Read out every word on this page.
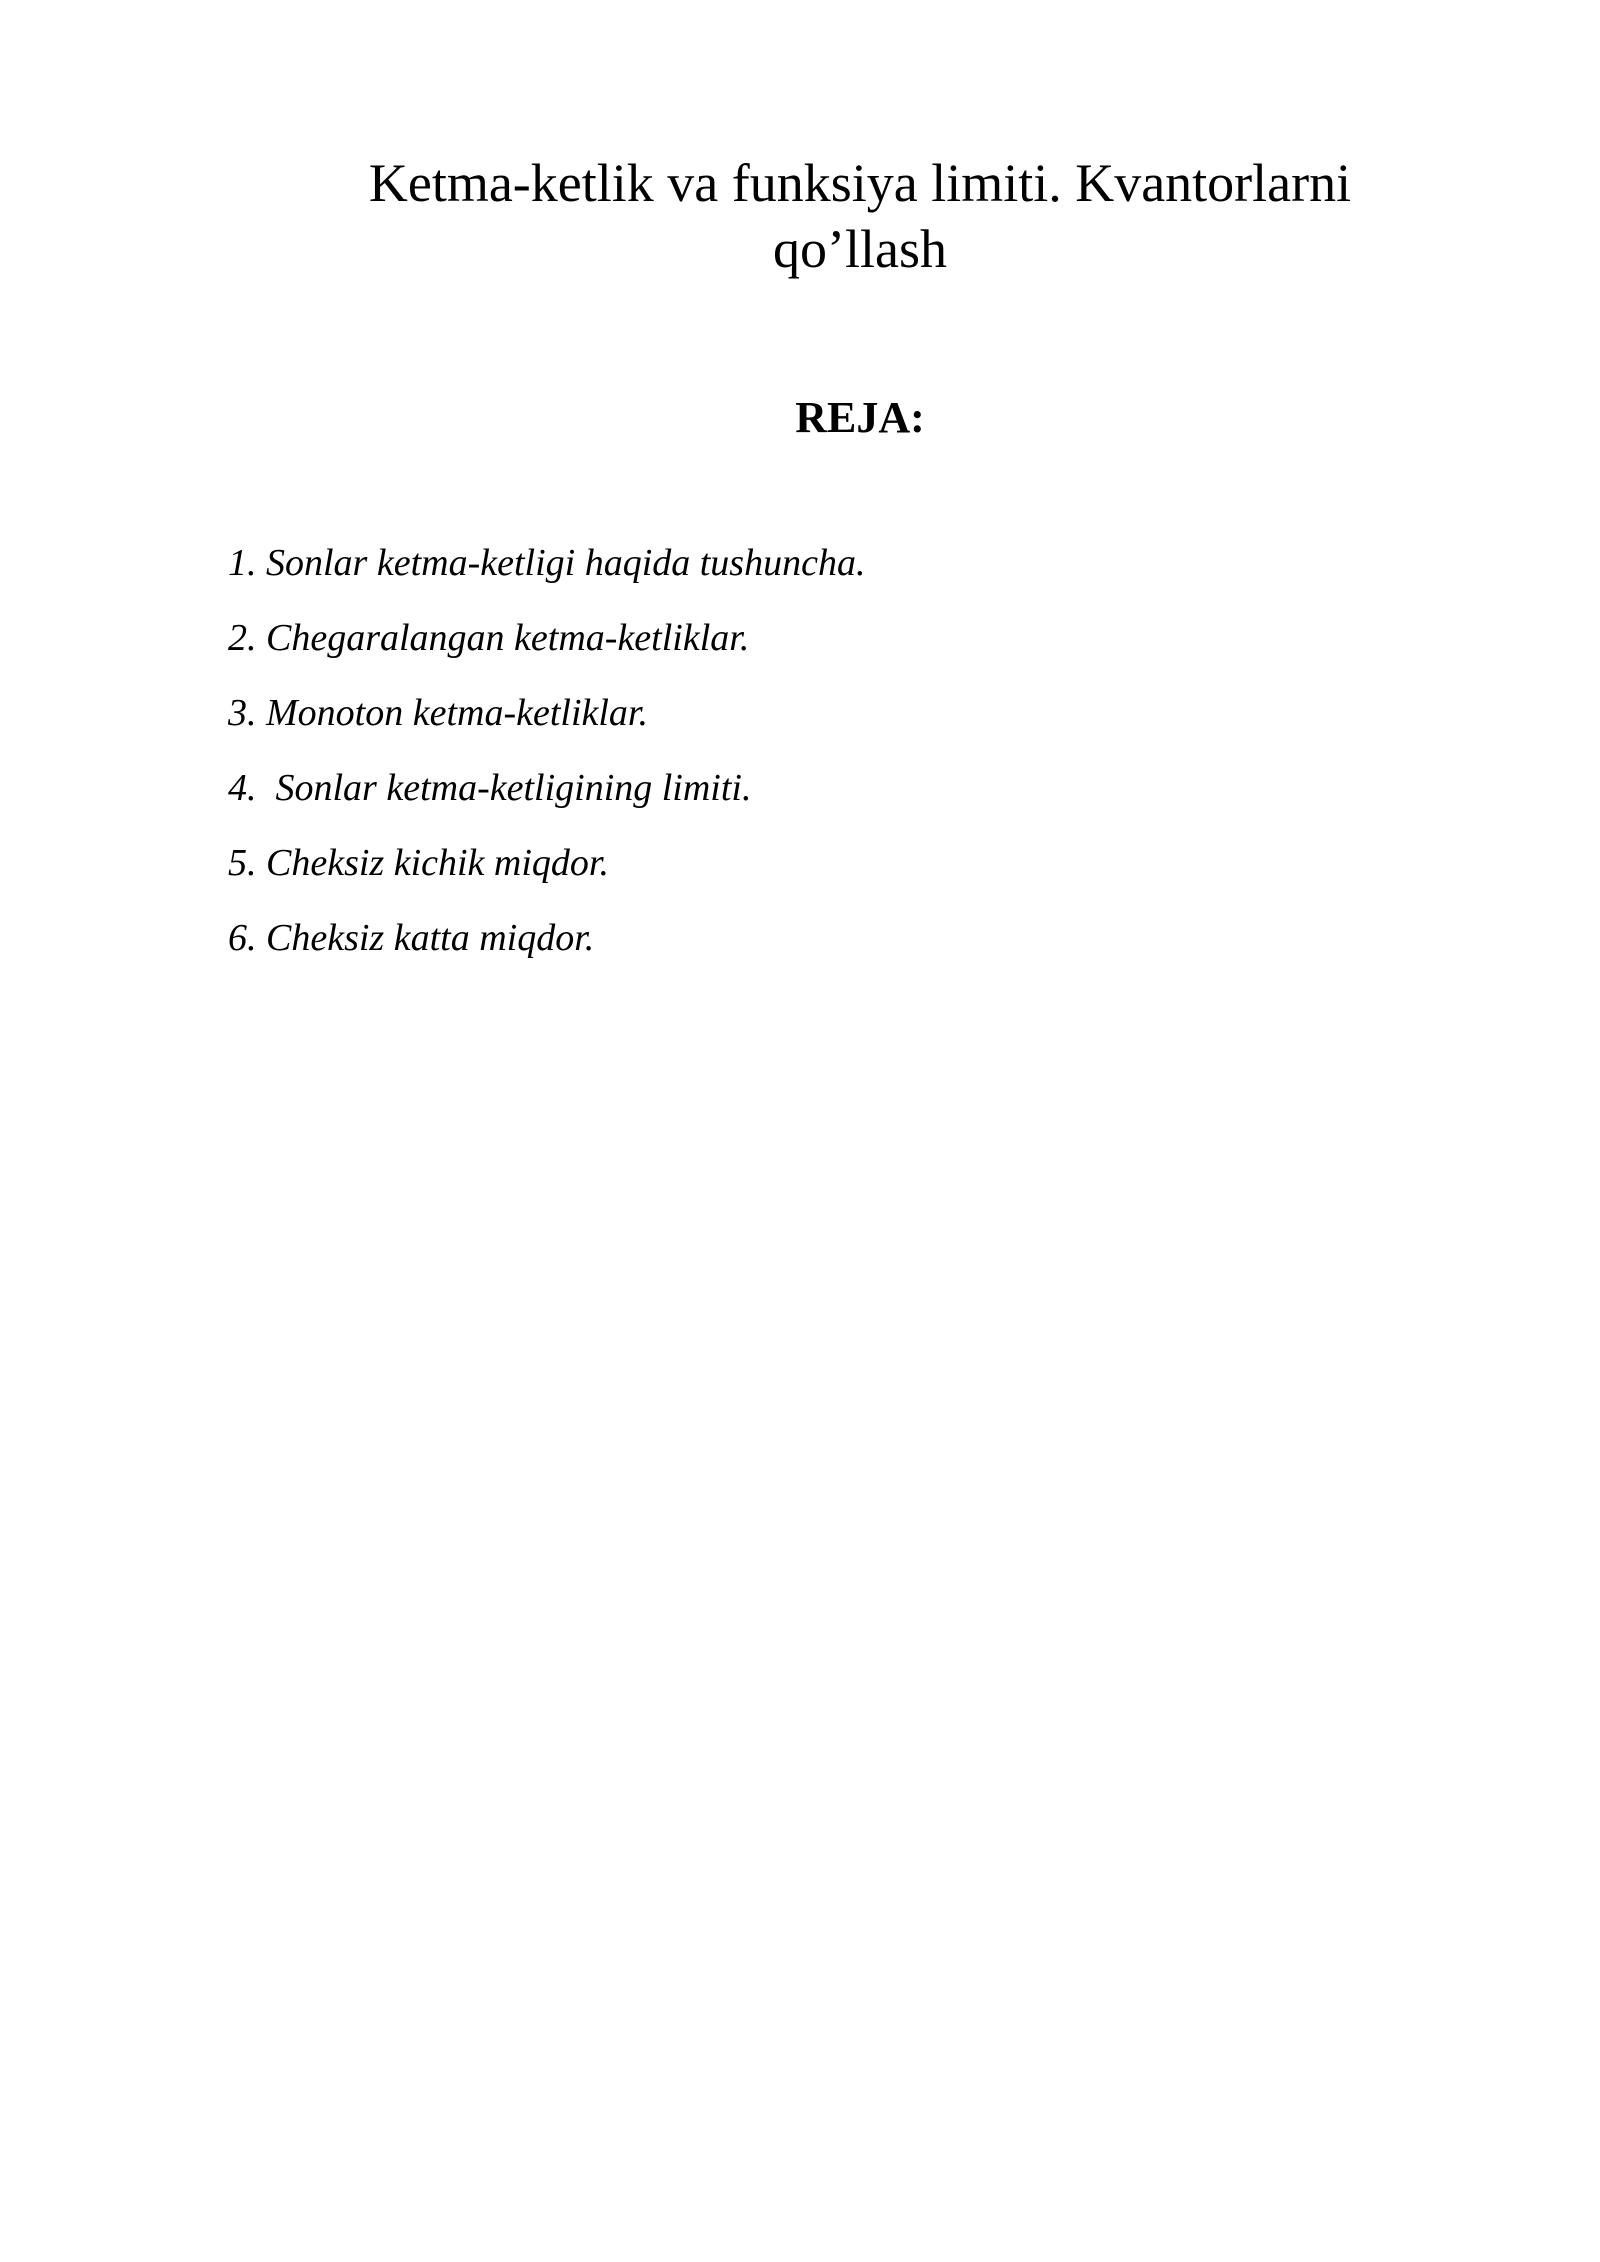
Ketma-ketlik va funksiya limiti. Kvantorlarni
qo’llash
REJA:
1. Sonlar ketma-ketligi haqida tushuncha.
2. Chegaralangan ketma-ketliklar.
3. Monoton ketma-ketliklar.
4.  Sonlar ketma-ketligining limiti.
5. Cheksiz kichik miqdor.
6. Cheksiz katta miqdor.
